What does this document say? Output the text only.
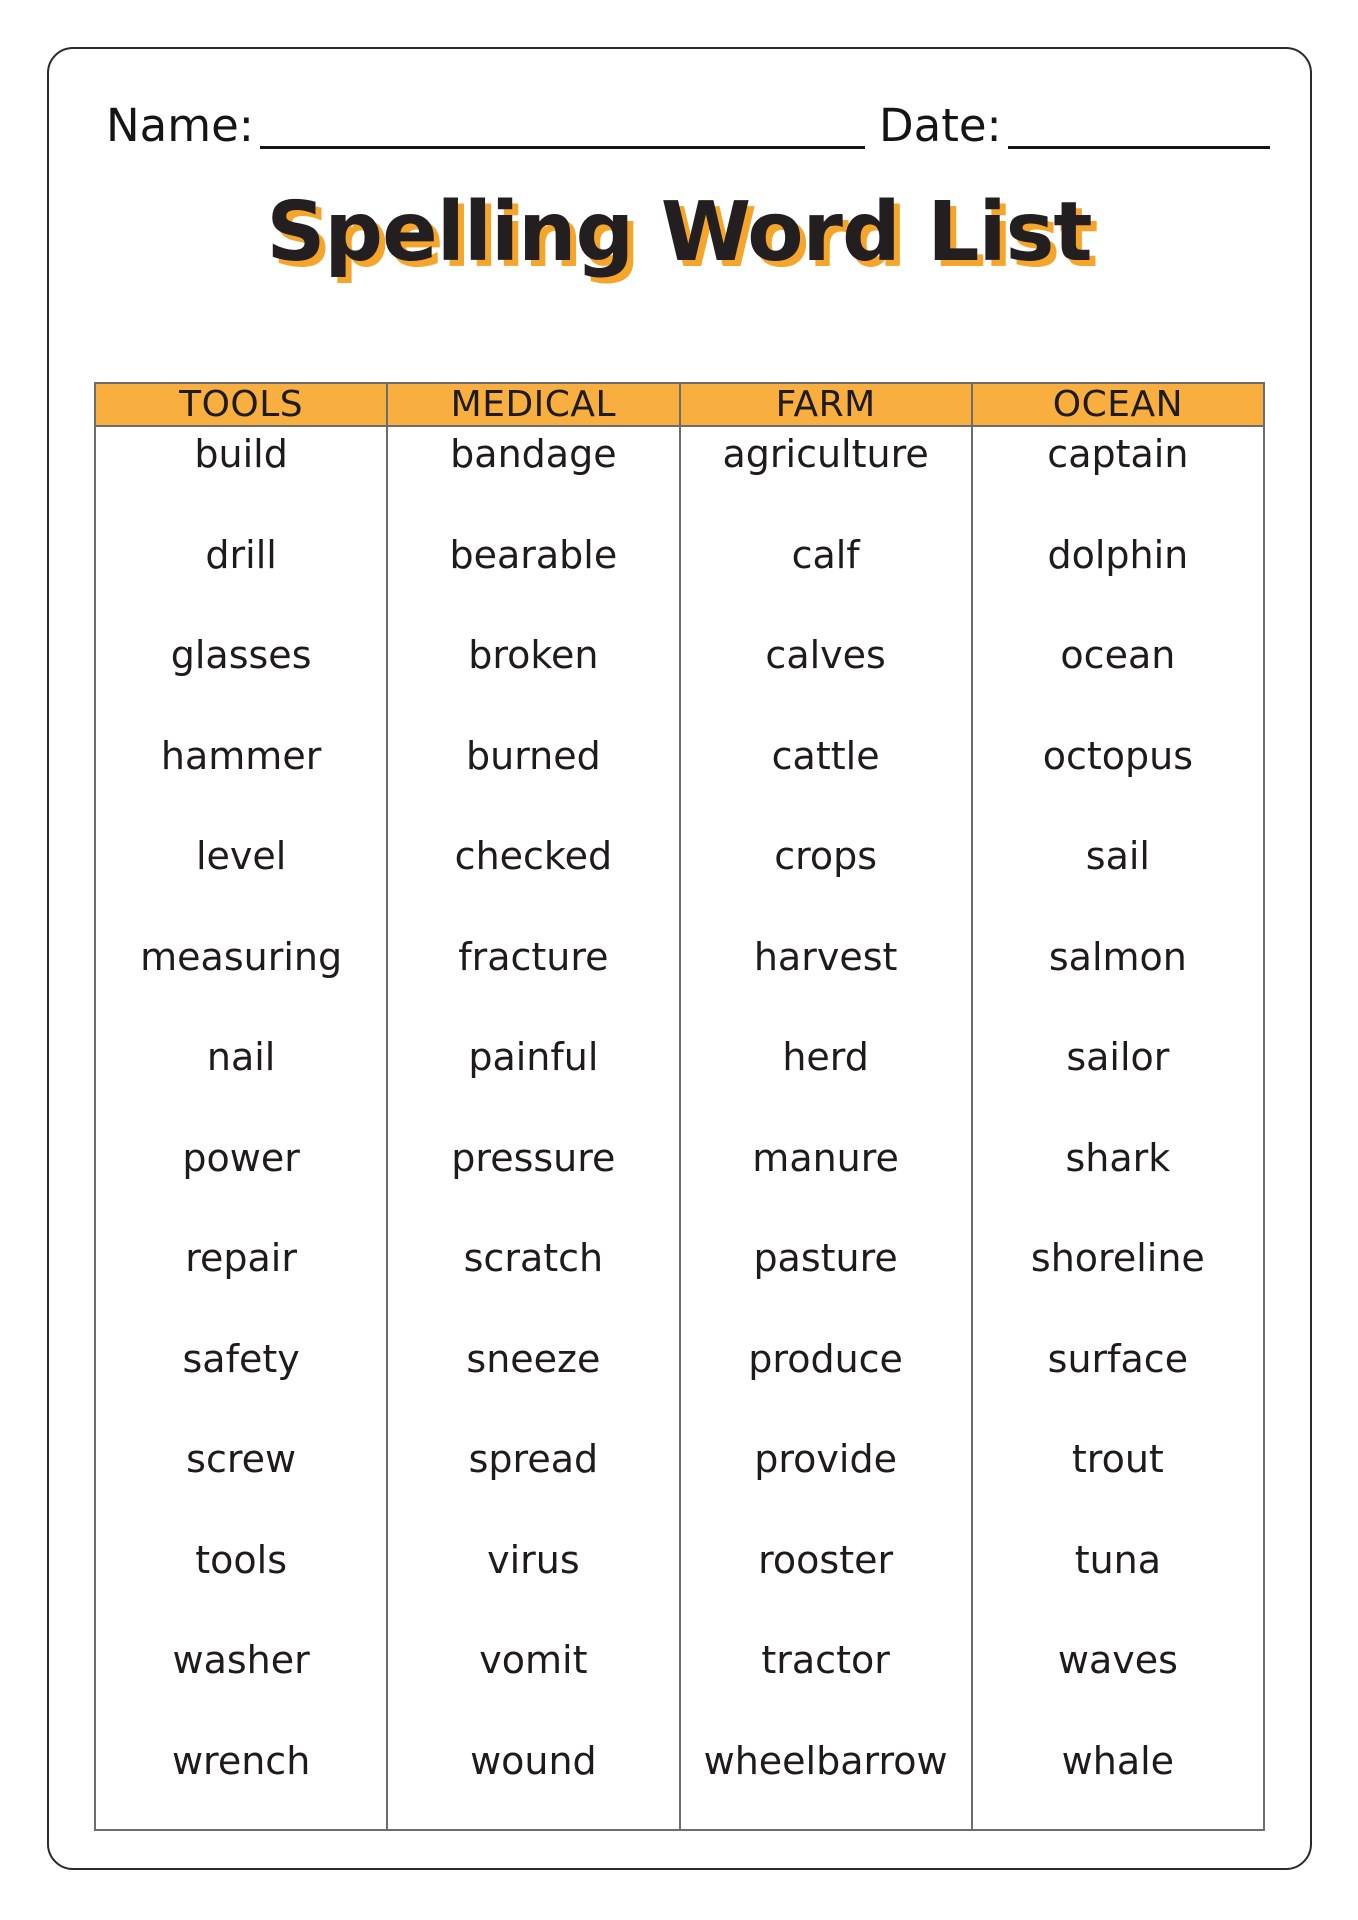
Name:	Date:
Spelling Word List
TOOLS
build
drill
glasses
hammer
level
measuring
nail
power
repair
safety
screw
tools
washer
wrench
MEDICAL
bandage
bearable
broken
burned
checked
fracture
painful
pressure
scratch
sneeze
spread
virus
vomit
wound
FARM
agriculture
calf
calves
cattle
crops
harvest
herd
manure
pasture
produce
provide
rooster
tractor
wheelbarrow
OCEAN
captain
dolphin
ocean
octopus
sail
salmon
sailor
shark
shoreline
surface
trout
tuna
waves
whale
